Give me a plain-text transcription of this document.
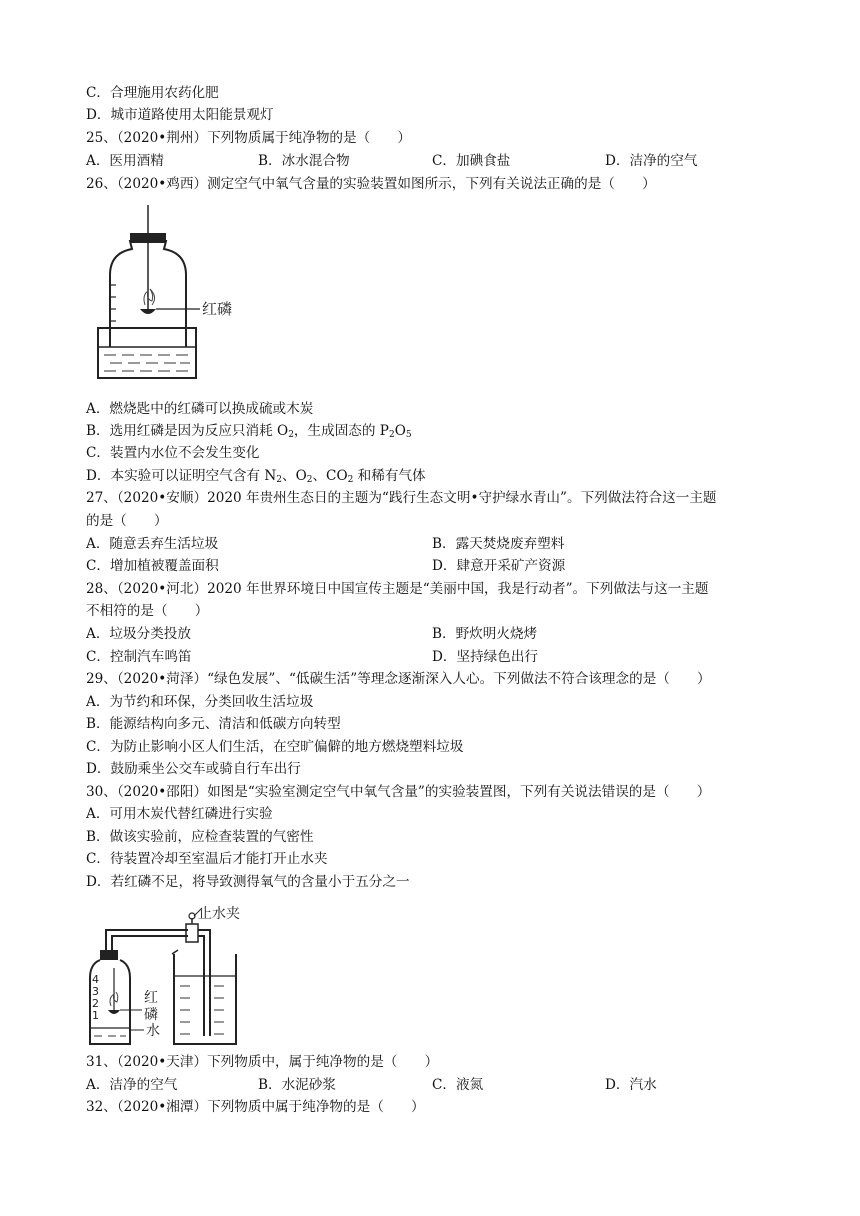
C．合理施用农药化肥
D．城市道路使用太阳能景观灯
25、（2020•荆州）下列物质属于纯净物的是（　　）
A．医用酒精	B．冰水混合物	C．加碘食盐	D．洁净的空气
26、（2020•鸡西）测定空气中氧气含量的实验装置如图所示，下列有关说法正确的是（　　）
红磷
A．燃烧匙中的红磷可以换成硫或木炭
B．选用红磷是因为反应只消耗 $O_2$，生成固态的 $P_2O_5$
C．装置内水位不会发生变化
D．本实验可以证明空气含有 $N_2$、$O_2$、$CO_2$ 和稀有气体
27、（2020•安顺）2020 年贵州生态日的主题为“践行生态文明•守护绿水青山”。下列做法符合这一主题
的是（　　）
A．随意丢弃生活垃圾	B．露天焚烧废弃塑料
C．增加植被覆盖面积	D．肆意开采矿产资源
28、（2020•河北）2020 年世界环境日中国宣传主题是“美丽中国，我是行动者”。下列做法与这一主题
不相符的是（　　）
A．垃圾分类投放	B．野炊明火烧烤
C．控制汽车鸣笛	D．坚持绿色出行
29、（2020•菏泽）“绿色发展”、“低碳生活”等理念逐渐深入人心。下列做法不符合该理念的是（　　）
A．为节约和环保，分类回收生活垃圾
B．能源结构向多元、清洁和低碳方向转型
C．为防止影响小区人们生活，在空旷偏僻的地方燃烧塑料垃圾
D．鼓励乘坐公交车或骑自行车出行
30、（2020•邵阳）如图是“实验室测定空气中氧气含量”的实验装置图，下列有关说法错误的是（　　）
A．可用木炭代替红磷进行实验
B．做该实验前，应检查装置的气密性
C．待装置冷却至室温后才能打开止水夹
D．若红磷不足，将导致测得氧气的含量小于五分之一
止水夹
4
3
2
1
红
磷
水
31、（2020•天津）下列物质中，属于纯净物的是（　　）
A．洁净的空气	B．水泥砂浆	C．液氮	D．汽水
32、（2020•湘潭）下列物质中属于纯净物的是（　　）
